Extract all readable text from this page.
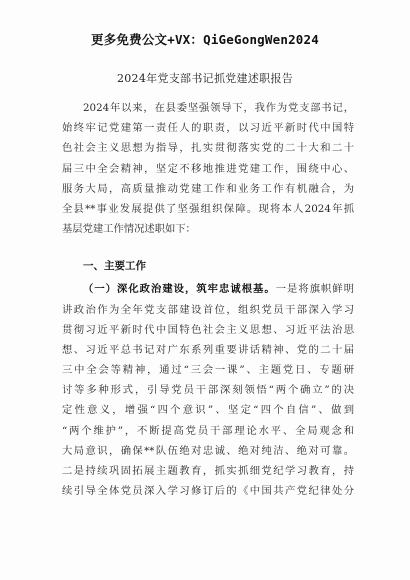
更多免费公文+VX：QiGeGongWen2024
2024年党支部书记抓党建述职报告
2024年以来，在县委坚强领导下，我作为党支部书记，
始终牢记党建第一责任人的职责，以习近平新时代中国特
色社会主义思想为指导，扎实贯彻落实党的二十大和二十
届三中全会精神，坚定不移地推进党建工作，围绕中心、
服务大局，高质量推动党建工作和业务工作有机融合，为
全县**事业发展提供了坚强组织保障。现将本人2024年抓
基层党建工作情况述职如下：
一、主要工作
（一）深化政治建设，筑牢忠诚根基。一是将旗帜鲜明
讲政治作为全年党支部建设首位，组织党员干部深入学习
贯彻习近平新时代中国特色社会主义思想、习近平法治思
想、习近平总书记对广东系列重要讲话精神、党的二十届
三中全会等精神，通过“三会一课”、主题党日、专题研
讨等多种形式，引导党员干部深刻领悟“两个确立”的决
定性意义，增强“四个意识”、坚定“四个自信”、做到
“两个维护”，不断提高党员干部理论水平、全局观念和
大局意识，确保**队伍绝对忠诚、绝对纯洁、绝对可靠。
二是持续巩固拓展主题教育，抓实抓细党纪学习教育，持
续引导全体党员深入学习修订后的《中国共产党纪律处分
